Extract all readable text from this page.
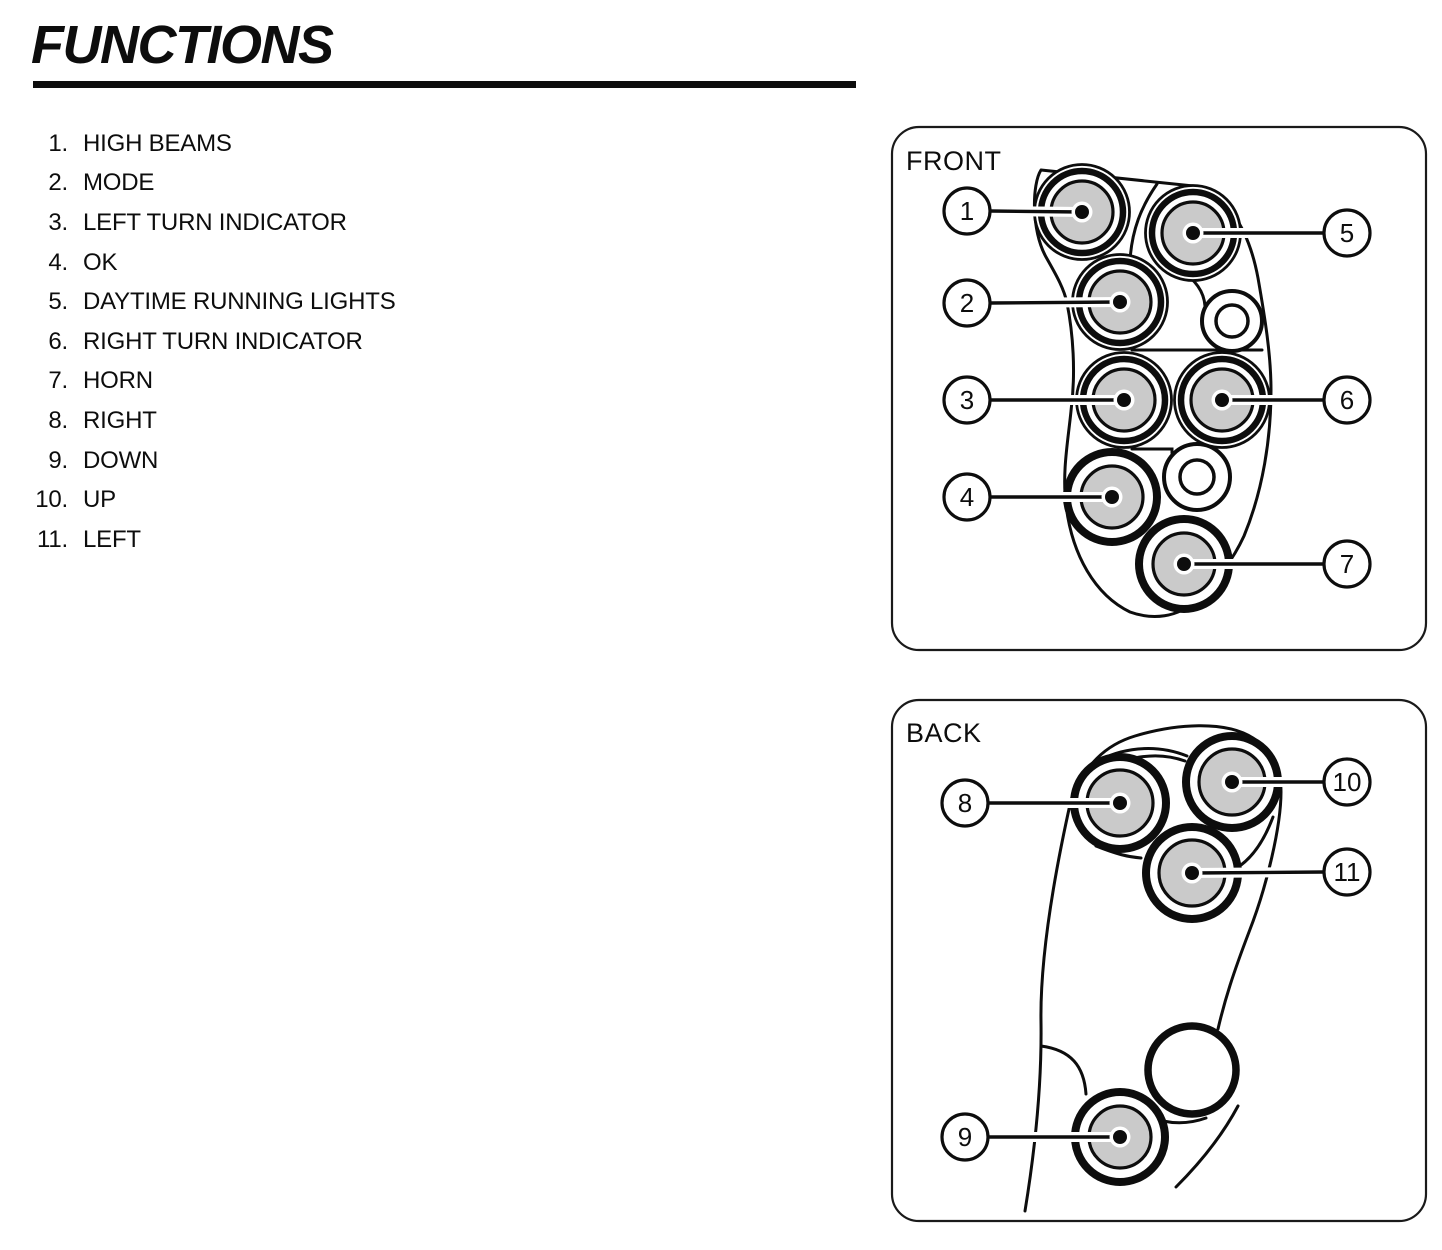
FUNCTIONS
1. HIGH BEAMS
2. MODE
3. LEFT TURN INDICATOR
4. OK
5. DAYTIME RUNNING LIGHTS
6. RIGHT TURN INDICATOR
7. HORN
8. RIGHT
9. DOWN
10. UP
11. LEFT
FRONT
1
2
3
4
5
6
7
BACK
8
9
10
11
